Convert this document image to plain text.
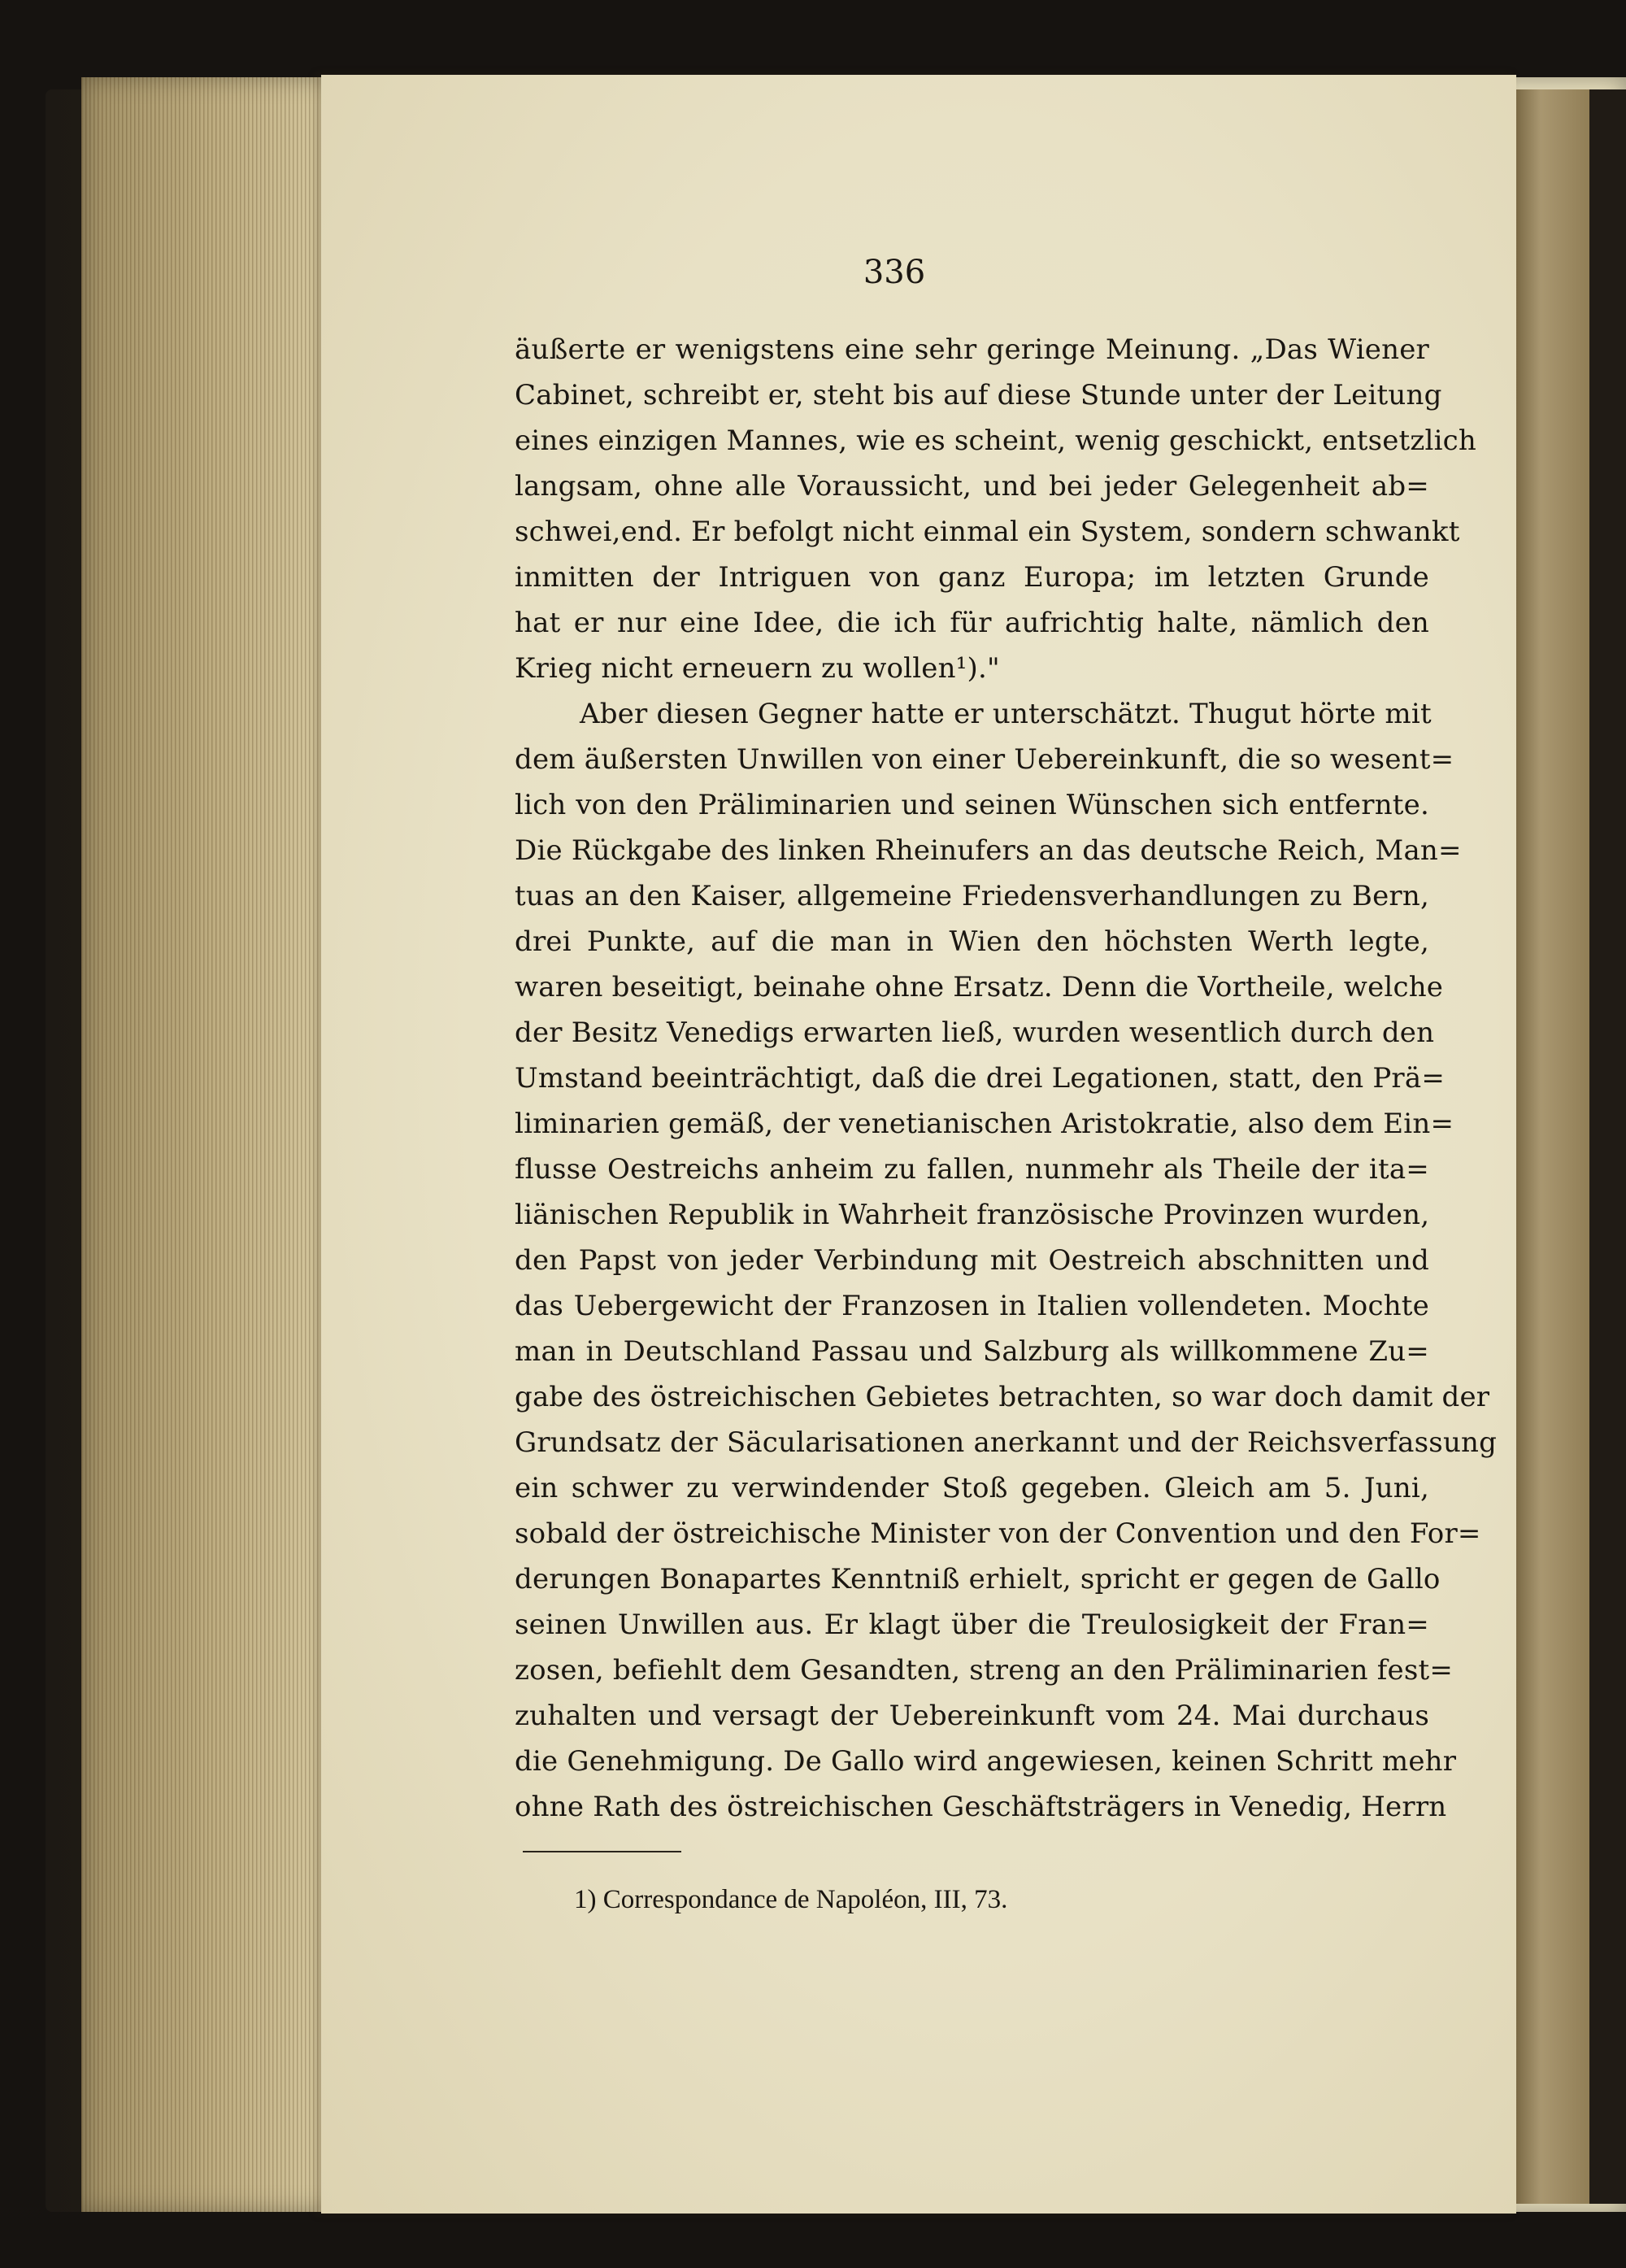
336
äußerte er wenigstens eine sehr geringe Meinung. „Das Wiener
Cabinet, schreibt er, steht bis auf diese Stunde unter der Leitung
eines einzigen Mannes, wie es scheint, wenig geschickt, entsetzlich
langsam, ohne alle Voraussicht, und bei jeder Gelegenheit ab=
schwei,end. Er befolgt nicht einmal ein System, sondern schwankt
inmitten der Intriguen von ganz Europa; im letzten Grunde
hat er nur eine Idee, die ich für aufrichtig halte, nämlich den
Krieg nicht erneuern zu wollen¹)."
Aber diesen Gegner hatte er unterschätzt. Thugut hörte mit
dem äußersten Unwillen von einer Uebereinkunft, die so wesent=
lich von den Präliminarien und seinen Wünschen sich entfernte.
Die Rückgabe des linken Rheinufers an das deutsche Reich, Man=
tuas an den Kaiser, allgemeine Friedensverhandlungen zu Bern,
drei Punkte, auf die man in Wien den höchsten Werth legte,
waren beseitigt, beinahe ohne Ersatz. Denn die Vortheile, welche
der Besitz Venedigs erwarten ließ, wurden wesentlich durch den
Umstand beeinträchtigt, daß die drei Legationen, statt, den Prä=
liminarien gemäß, der venetianischen Aristokratie, also dem Ein=
flusse Oestreichs anheim zu fallen, nunmehr als Theile der ita=
liänischen Republik in Wahrheit französische Provinzen wurden,
den Papst von jeder Verbindung mit Oestreich abschnitten und
das Uebergewicht der Franzosen in Italien vollendeten. Mochte
man in Deutschland Passau und Salzburg als willkommene Zu=
gabe des östreichischen Gebietes betrachten, so war doch damit der
Grundsatz der Säcularisationen anerkannt und der Reichsverfassung
ein schwer zu verwindender Stoß gegeben. Gleich am 5. Juni,
sobald der östreichische Minister von der Convention und den For=
derungen Bonapartes Kenntniß erhielt, spricht er gegen de Gallo
seinen Unwillen aus. Er klagt über die Treulosigkeit der Fran=
zosen, befiehlt dem Gesandten, streng an den Präliminarien fest=
zuhalten und versagt der Uebereinkunft vom 24. Mai durchaus
die Genehmigung. De Gallo wird angewiesen, keinen Schritt mehr
ohne Rath des östreichischen Geschäftsträgers in Venedig, Herrn
1) Correspondance de Napoléon, III, 73.
